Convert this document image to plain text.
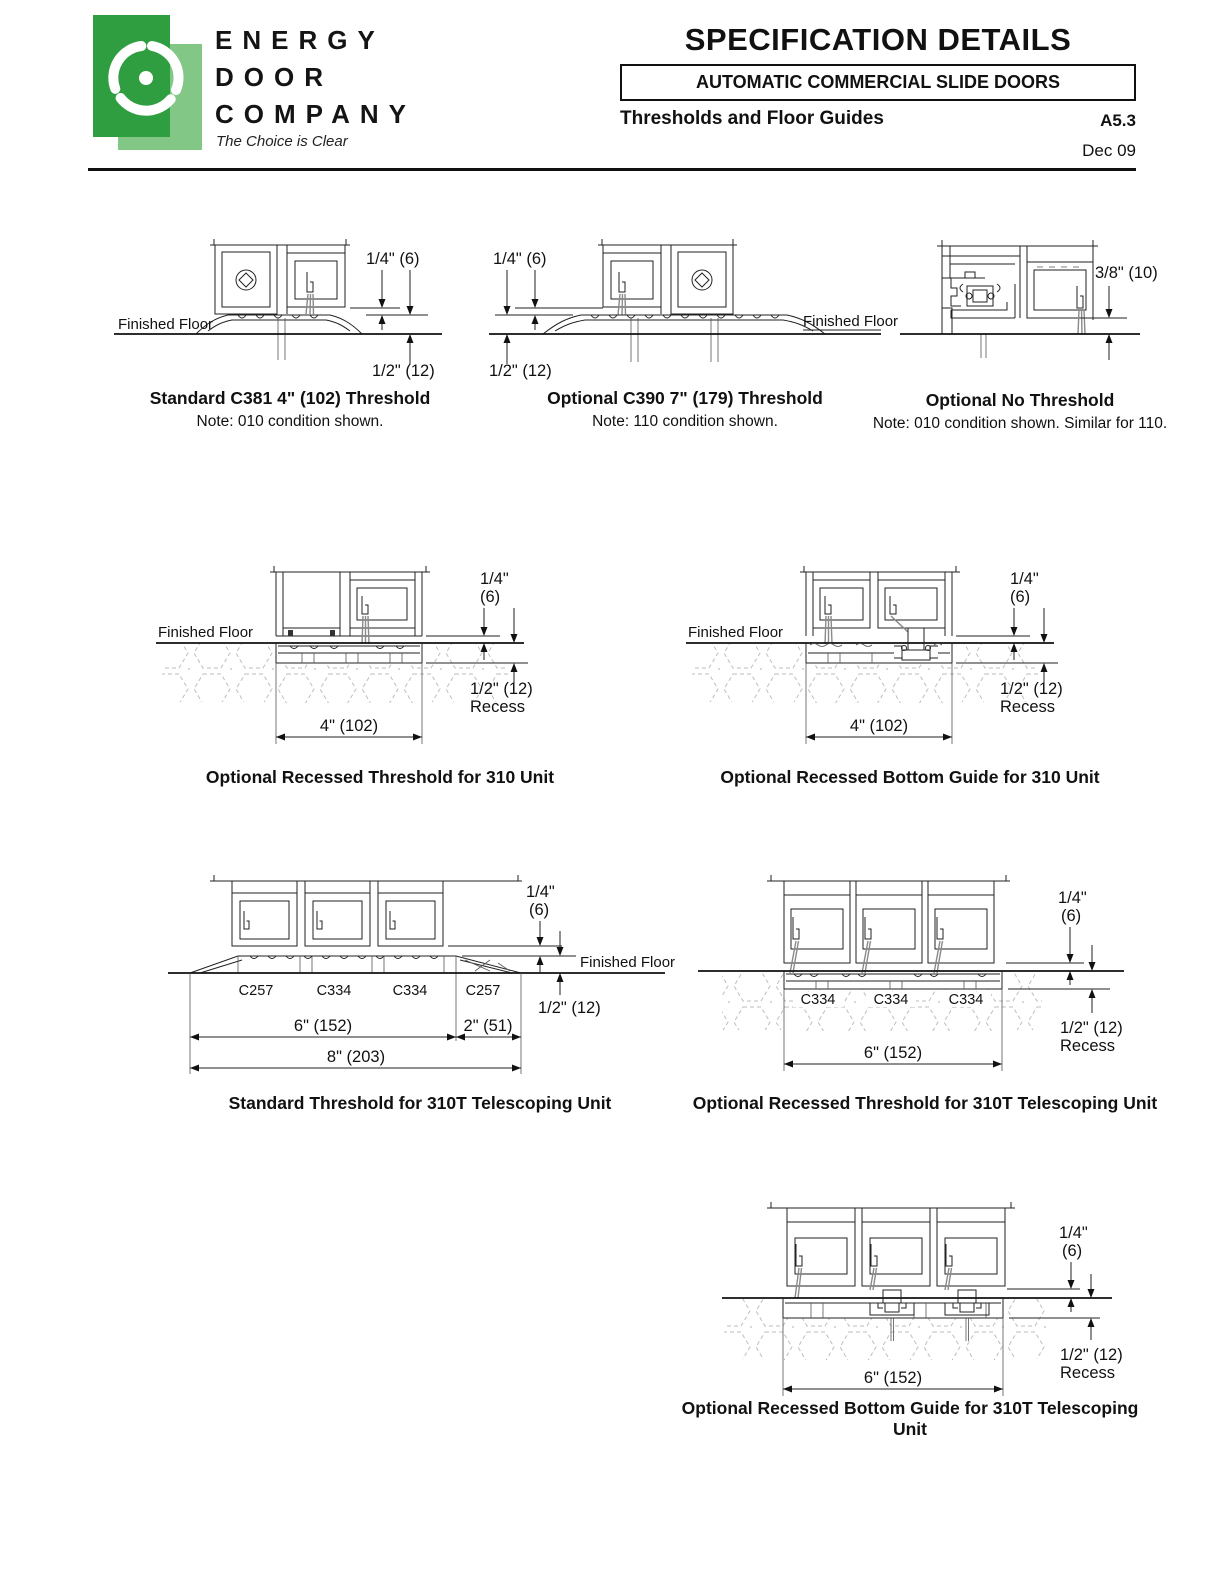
ENERGY
DOOR
COMPANY
The Choice is Clear
SPECIFICATION DETAILS
AUTOMATIC COMMERCIAL SLIDE DOORS
Thresholds and Floor Guides	A5.3
Dec 09
Finished Floor
1/4" (6)
1/2" (12)
Standard C381 4" (102) Threshold
Note: 010 condition shown.
Finished Floor
1/4" (6)
1/2" (12)
Optional C390 7" (179) Threshold
Note: 110 condition shown.
3/8" (10)
Optional No Threshold
Note: 010 condition shown. Similar for 110.
Finished Floor
4" (102)
1/4"
(6)
1/2" (12)
Recess
Optional Recessed Threshold for 310 Unit
Finished Floor
4" (102)
1/4"
(6)
1/2" (12)
Recess
Optional Recessed Bottom Guide for 310 Unit
C257	C334	C334	C257
6" (152)	2" (51)
8" (203)
1/4"
(6)
1/2" (12)
Finished Floor
Standard Threshold for 310T Telescoping Unit
C334	C334	C334
6" (152)
1/4"
(6)
1/2" (12)
Recess
Optional Recessed Threshold for 310T Telescoping Unit
6" (152)
1/4"
(6)
1/2" (12)
Recess
Optional Recessed Bottom Guide for 310T Telescoping Unit
